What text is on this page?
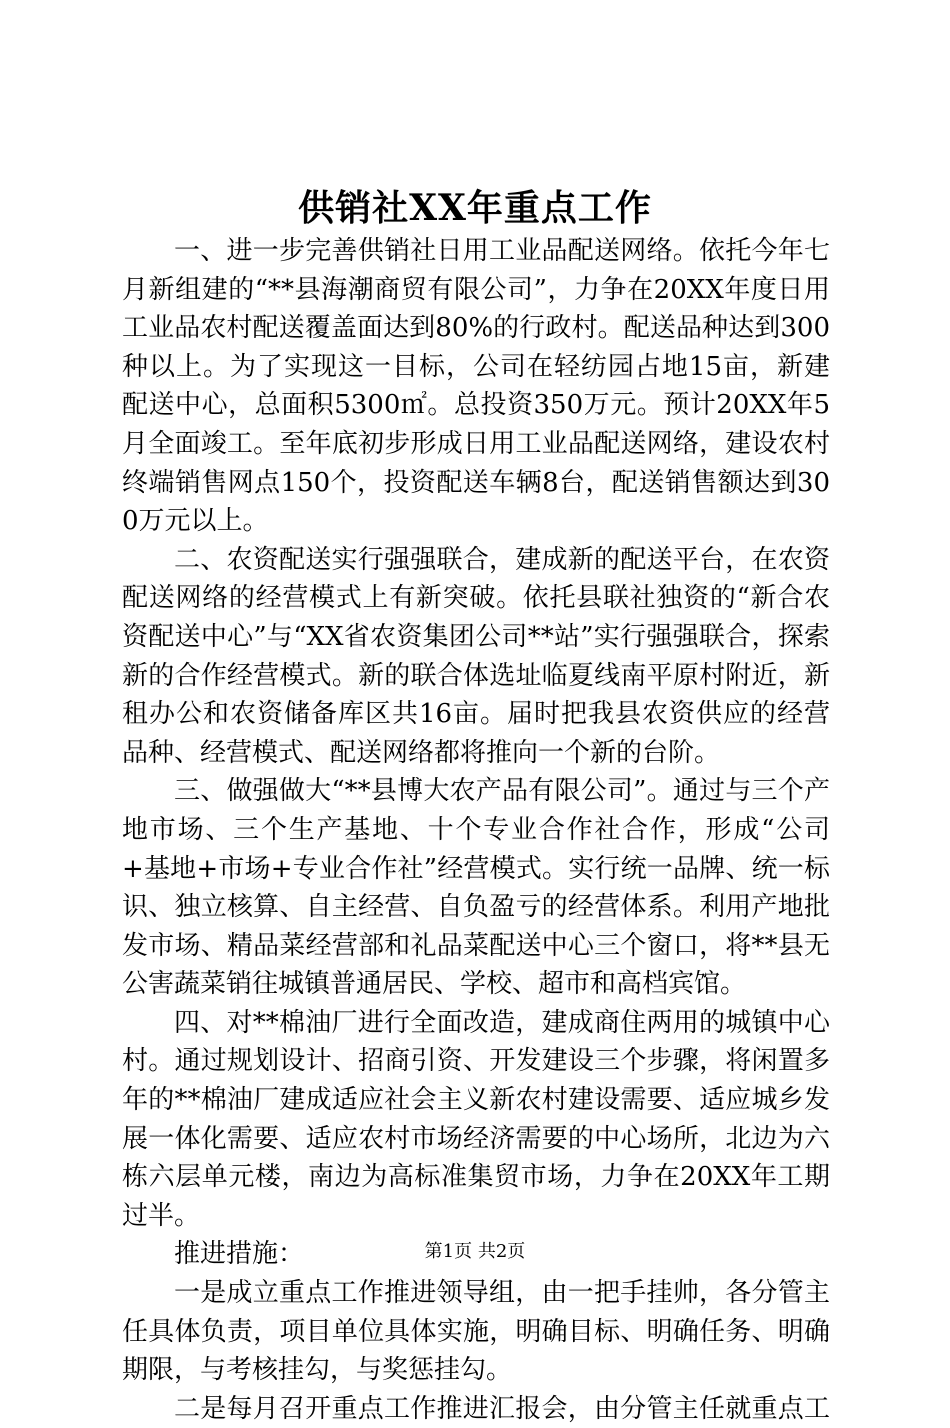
供销社XX年重点工作

一、进一步完善供销社日用工业品配送网络。依托今年七月新组建的“**县海潮商贸有限公司”，力争在20XX年度日用工业品农村配送覆盖面达到80%的行政村。配送品种达到300种以上。为了实现这一目标，公司在轻纺园占地15亩，新建配送中心，总面积5300㎡。总投资350万元。预计20XX年5月全面竣工。至年底初步形成日用工业品配送网络，建设农村终端销售网点150个，投资配送车辆8台，配送销售额达到300万元以上。

二、农资配送实行强强联合，建成新的配送平台，在农资配送网络的经营模式上有新突破。依托县联社独资的“新合农资配送中心”与“XX省农资集团公司**站”实行强强联合，探索新的合作经营模式。新的联合体选址临夏线南平原村附近，新租办公和农资储备库区共16亩。届时把我县农资供应的经营品种、经营模式、配送网络都将推向一个新的台阶。

三、做强做大“**县博大农产品有限公司”。通过与三个产地市场、三个生产基地、十个专业合作社合作，形成“公司+基地+市场+专业合作社”经营模式。实行统一品牌、统一标识、独立核算、自主经营、自负盈亏的经营体系。利用产地批发市场、精品菜经营部和礼品菜配送中心三个窗口，将**县无公害蔬菜销往城镇普通居民、学校、超市和高档宾馆。

四、对**棉油厂进行全面改造，建成商住两用的城镇中心村。通过规划设计、招商引资、开发建设三个步骤，将闲置多年的**棉油厂建成适应社会主义新农村建设需要、适应城乡发展一体化需要、适应农村市场经济需要的中心场所，北边为六栋六层单元楼，南边为高标准集贸市场，力争在20XX年工期过半。

推进措施：

一是成立重点工作推进领导组，由一把手挂帅，各分管主任具体负责，项目单位具体实施，明确目标、明确任务、明确期限，与考核挂勾，与奖惩挂勾。

二是每月召开重点工作推进汇报会，由分管主任就重点工

第1页 共2页
